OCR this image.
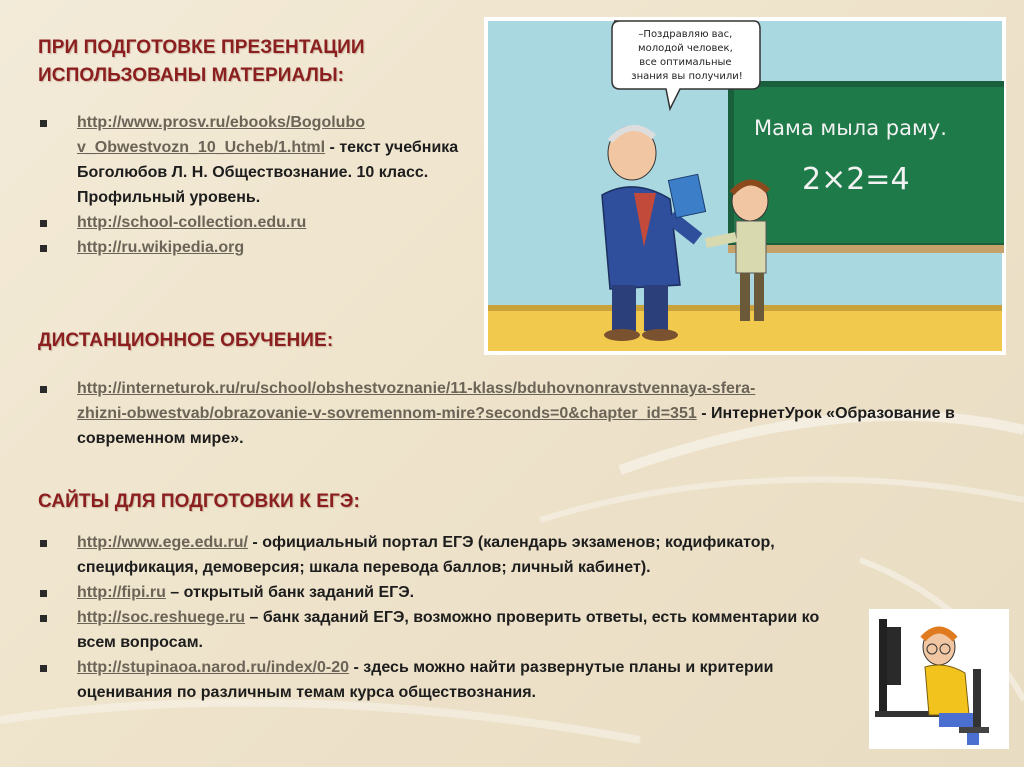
ПРИ ПОДГОТОВКЕ ПРЕЗЕНТАЦИИ
ИСПОЛЬЗОВАНЫ МАТЕРИАЛЫ:
http://www.prosv.ru/ebooks/Bogolubo
v_Obwestvozn_10_Ucheb/1.html - текст учебника Боголюбов Л. Н. Обществознание. 10 класс. Профильный уровень.
http://school-collection.edu.ru
http://ru.wikipedia.org
ДИСТАНЦИОННОЕ ОБУЧЕНИЕ:
http://interneturok.ru/ru/school/obshestvoznanie/11-klass/bduhovnonravstvennaya-sfera-
zhizni-obwestvab/obrazovanie-v-sovremennom-mire?seconds=0&chapter_id=351 - ИнтернетУрок «Образование в современном мире».
САЙТЫ ДЛЯ ПОДГОТОВКИ К ЕГЭ:
http://www.ege.edu.ru/ - официальный портал ЕГЭ (календарь экзаменов; кодификатор, спецификация, демоверсия; шкала перевода баллов; личный кабинет).
http://fipi.ru – открытый банк заданий ЕГЭ.
http://soc.reshuege.ru – банк заданий ЕГЭ, возможно проверить ответы, есть комментарии ко всем вопросам.
http://stupinaoa.narod.ru/index/0-20 - здесь можно найти развернутые планы и критерии оценивания по различным темам курса обществознания.
Мама мыла раму.
2×2=4
–Поздравляю вас, молодой человек, все оптимальные знания вы получили!
